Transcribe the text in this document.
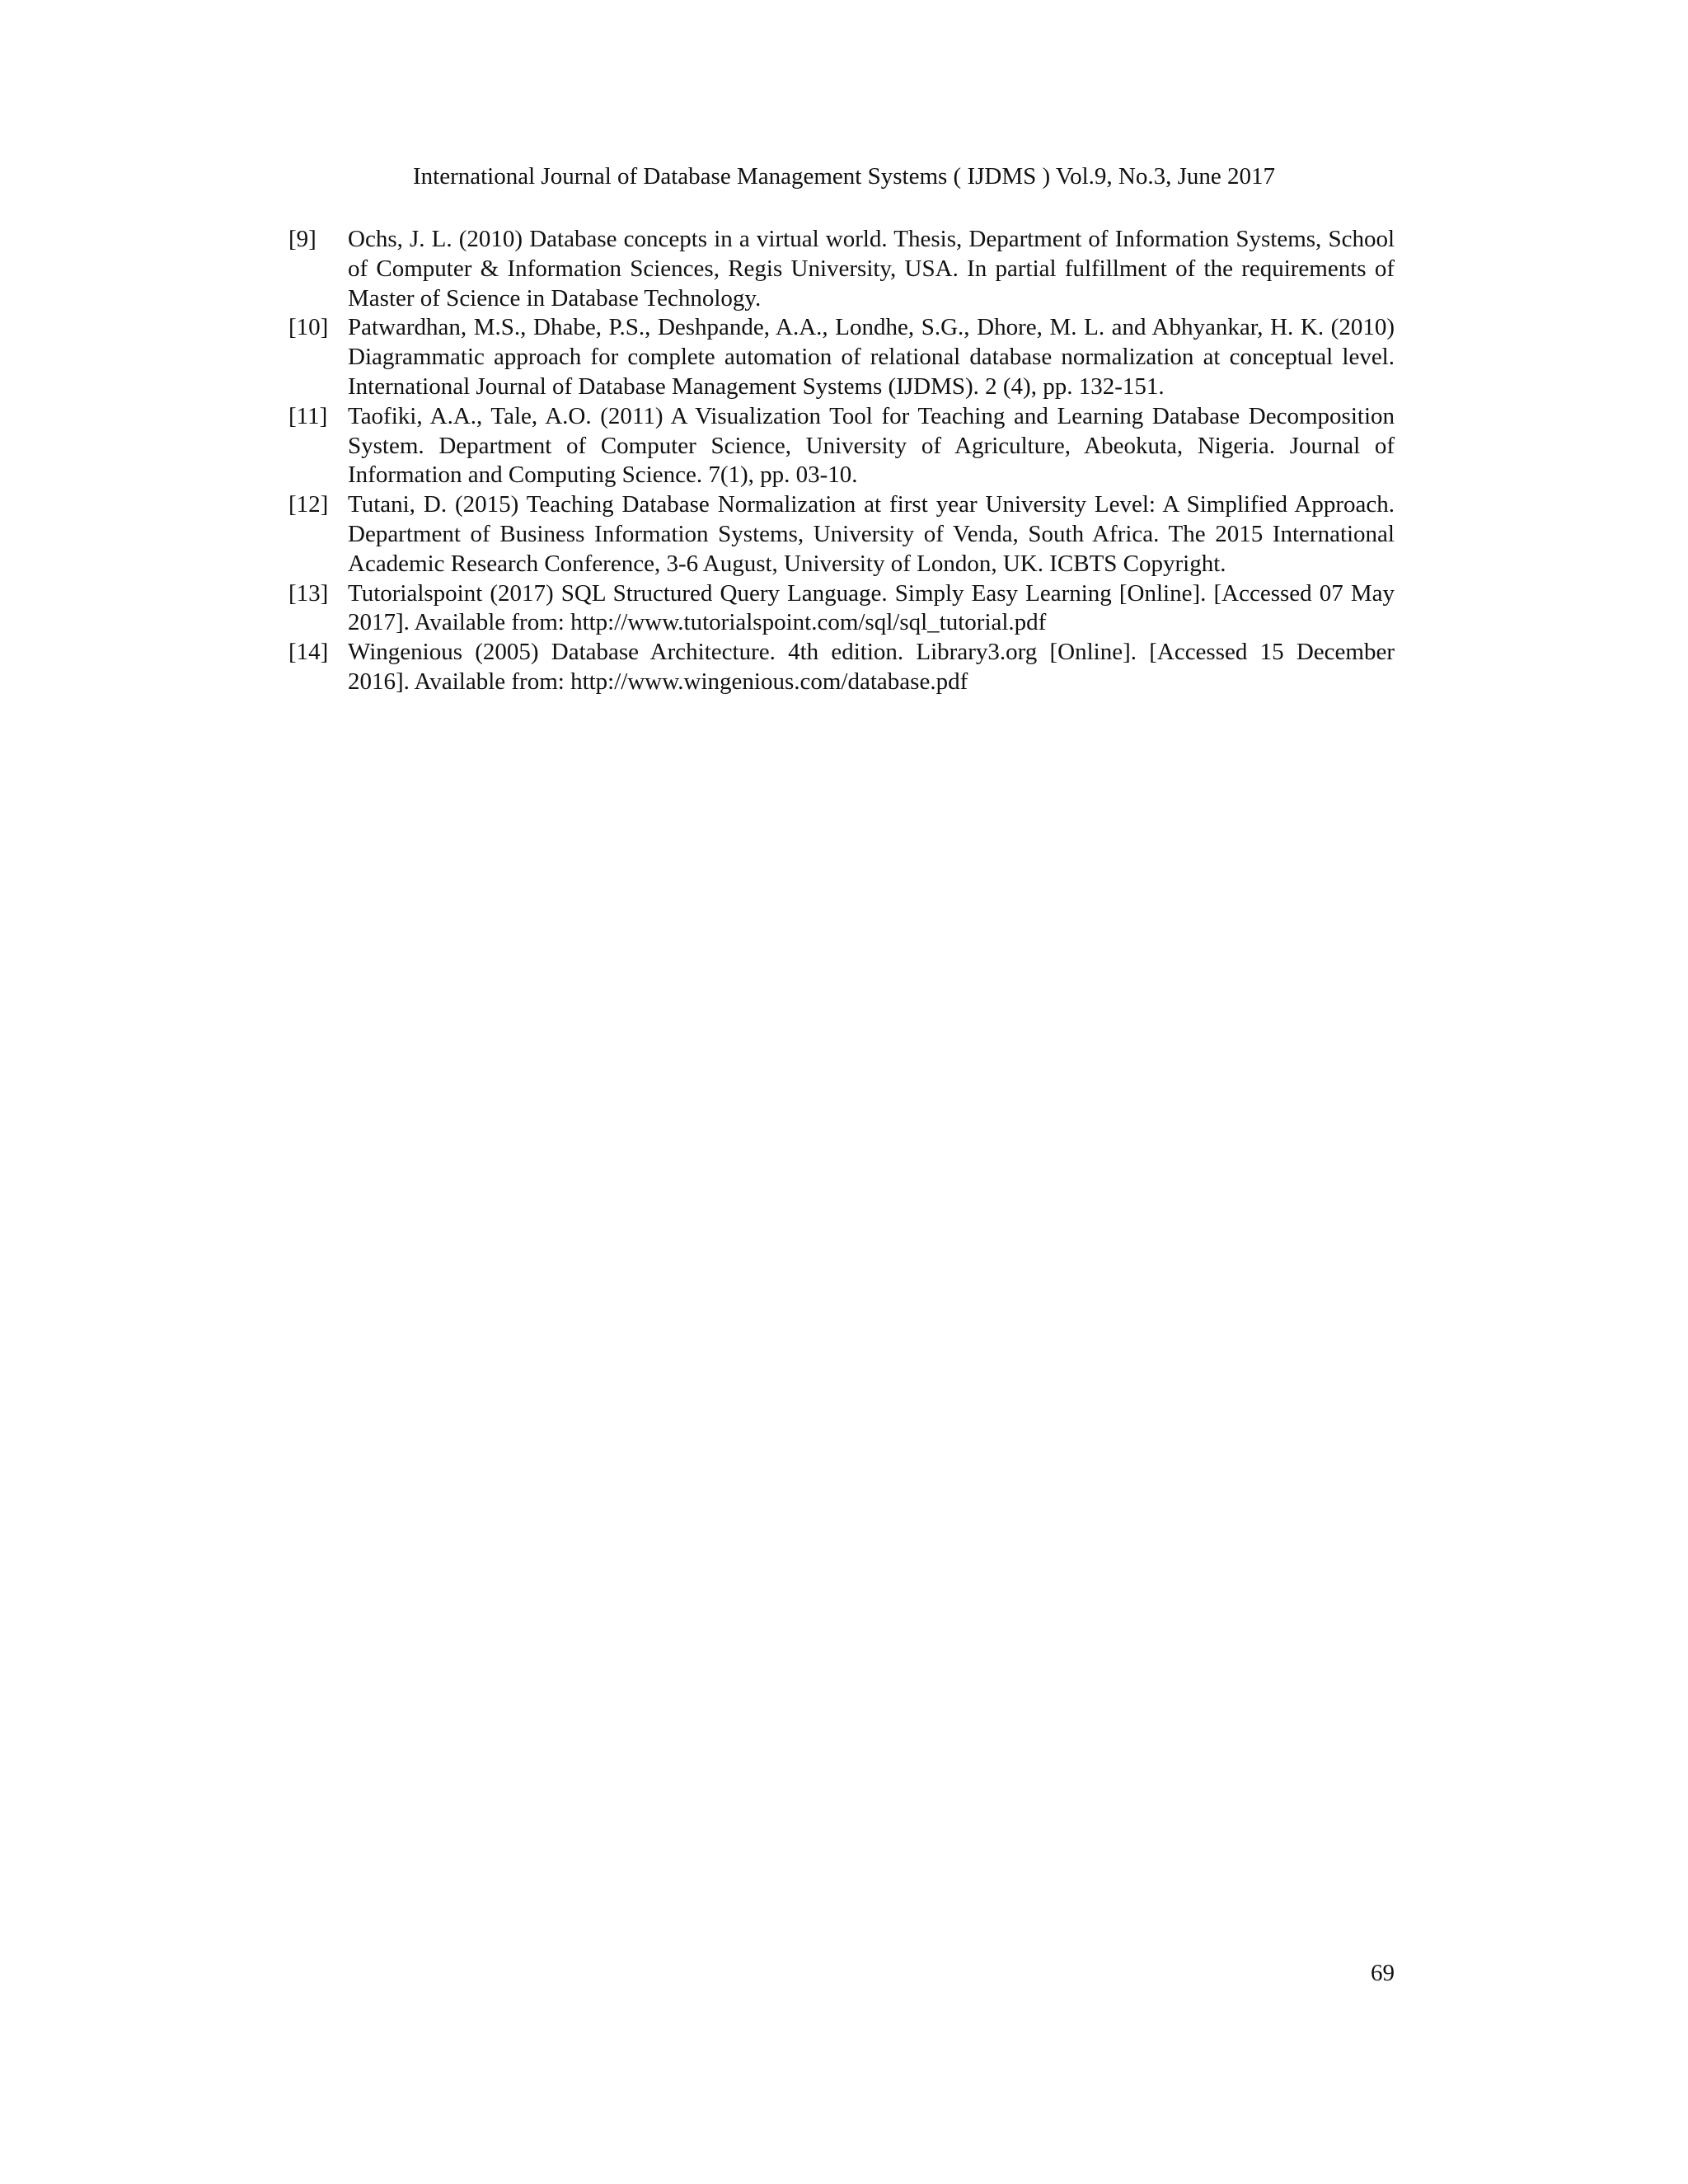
International Journal of Database Management Systems ( IJDMS ) Vol.9, No.3, June 2017
[9]	Ochs, J. L. (2010) Database concepts in a virtual world. Thesis, Department of Information Systems, School of Computer & Information Sciences, Regis University, USA. In partial fulfillment of the requirements of Master of Science in Database Technology.
[10] Patwardhan, M.S., Dhabe, P.S., Deshpande, A.A., Londhe, S.G., Dhore, M. L. and Abhyankar, H. K. (2010) Diagrammatic approach for complete automation of relational database normalization at conceptual level. International Journal of Database Management Systems (IJDMS). 2 (4), pp. 132-151.
[11] Taofiki, A.A., Tale, A.O. (2011) A Visualization Tool for Teaching and Learning Database Decomposition System. Department of Computer Science, University of Agriculture, Abeokuta, Nigeria. Journal of Information and Computing Science. 7(1), pp. 03-10.
[12] Tutani, D. (2015) Teaching Database Normalization at first year University Level: A Simplified Approach. Department of Business Information Systems, University of Venda, South Africa. The 2015 International Academic Research Conference, 3-6 August, University of London, UK. ICBTS Copyright.
[13] Tutorialspoint (2017) SQL Structured Query Language. Simply Easy Learning [Online]. [Accessed 07 May 2017]. Available from: http://www.tutorialspoint.com/sql/sql_tutorial.pdf
[14] Wingenious (2005) Database Architecture. 4th edition. Library3.org [Online]. [Accessed 15 December 2016]. Available from: http://www.wingenious.com/database.pdf
69
